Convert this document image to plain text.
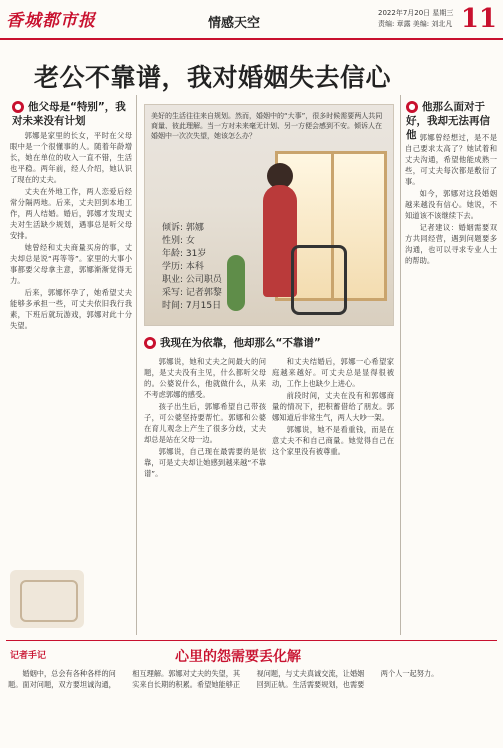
香城都市报	情感天空
2022年7月20日 星期三
责编: 章露 美编: 刘北凡 11
老公不靠谱，我对婚姻失去信心
美好的生活往往来自规划。然而，婚姻中的“大事”，很多时候需要两人共同商量、彼此理解。当一方对未来毫无计划、另一方便会感到不安。倾诉人在婚姻中一次次失望，她该怎么办？
倾诉: 郭娜
性别: 女
年龄: 31岁
学历: 本科
职业: 公司职员
采写: 记者郭黎
时间: 7月15日
● 他父母是“特别”，我对未来没有计划

郭娜是家里的长女，平时在父母眼中是一个很懂事的人。随着年龄增长，她在单位的收入一直不错，生活也平稳。两年前，经人介绍，她认识了现在的丈夫。

丈夫在外地工作，两人恋爱后经常分隔两地。后来，丈夫回到本地工作，两人结婚。婚后，郭娜才发现丈夫对生活缺少规划，遇事总是听父母安排。

她曾经和丈夫商量买房的事，丈夫却总是说“再等等”。家里的大事小事都要父母拿主意，郭娜渐渐觉得无力。

后来，郭娜怀孕了，她希望丈夫能够多承担一些，可丈夫依旧我行我素，下班后就玩游戏，郭娜对此十分失望。

郭娜说，她和丈夫之间最大的问题，是丈夫没有主见，什么都听父母的。公婆说什么，他就做什么，从来不考虑郭娜的感受。

孩子出生后，郭娜希望自己带孩子，可公婆坚持要帮忙。郭娜和公婆在育儿观念上产生了很多分歧，丈夫却总是站在父母一边。

郭娜说，自己现在最需要的是依靠，可是丈夫却让她感到越来越“不靠谱”。

● 我现在为依靠，他却那么“不靠谱”

和丈夫结婚后，郭娜一心希望家庭越来越好。可丈夫总是显得很被动，工作上也缺少上进心。

前段时间，丈夫在没有和郭娜商量的情况下，把积蓄借给了朋友。郭娜知道后非常生气，两人大吵一架。

郭娜说，她不是看重钱，而是在意丈夫不和自己商量。她觉得自己在这个家里没有被尊重。

● 他那么面对于好，我却无法再信他 郭娜曾经想过，是不是自己要求太高了？她试着和丈夫沟通，希望他能成熟一些，可丈夫每次都是敷衍了事。

如今，郭娜对这段婚姻越来越没有信心。她说，不知道该不该继续下去。

记者建议：婚姻需要双方共同经营，遇到问题要多沟通，也可以寻求专业人士的帮助。

记者手记	心里的怨需要丢化解
婚姻中，总会有各种各样的问题。面对问题，双方要坦诚沟通，相互理解。郭娜对丈夫的失望，其实来自长期的积累。希望她能够正视问题，与丈夫真诚交流，让婚姻回到正轨。生活需要规划，也需要两个人一起努力。
